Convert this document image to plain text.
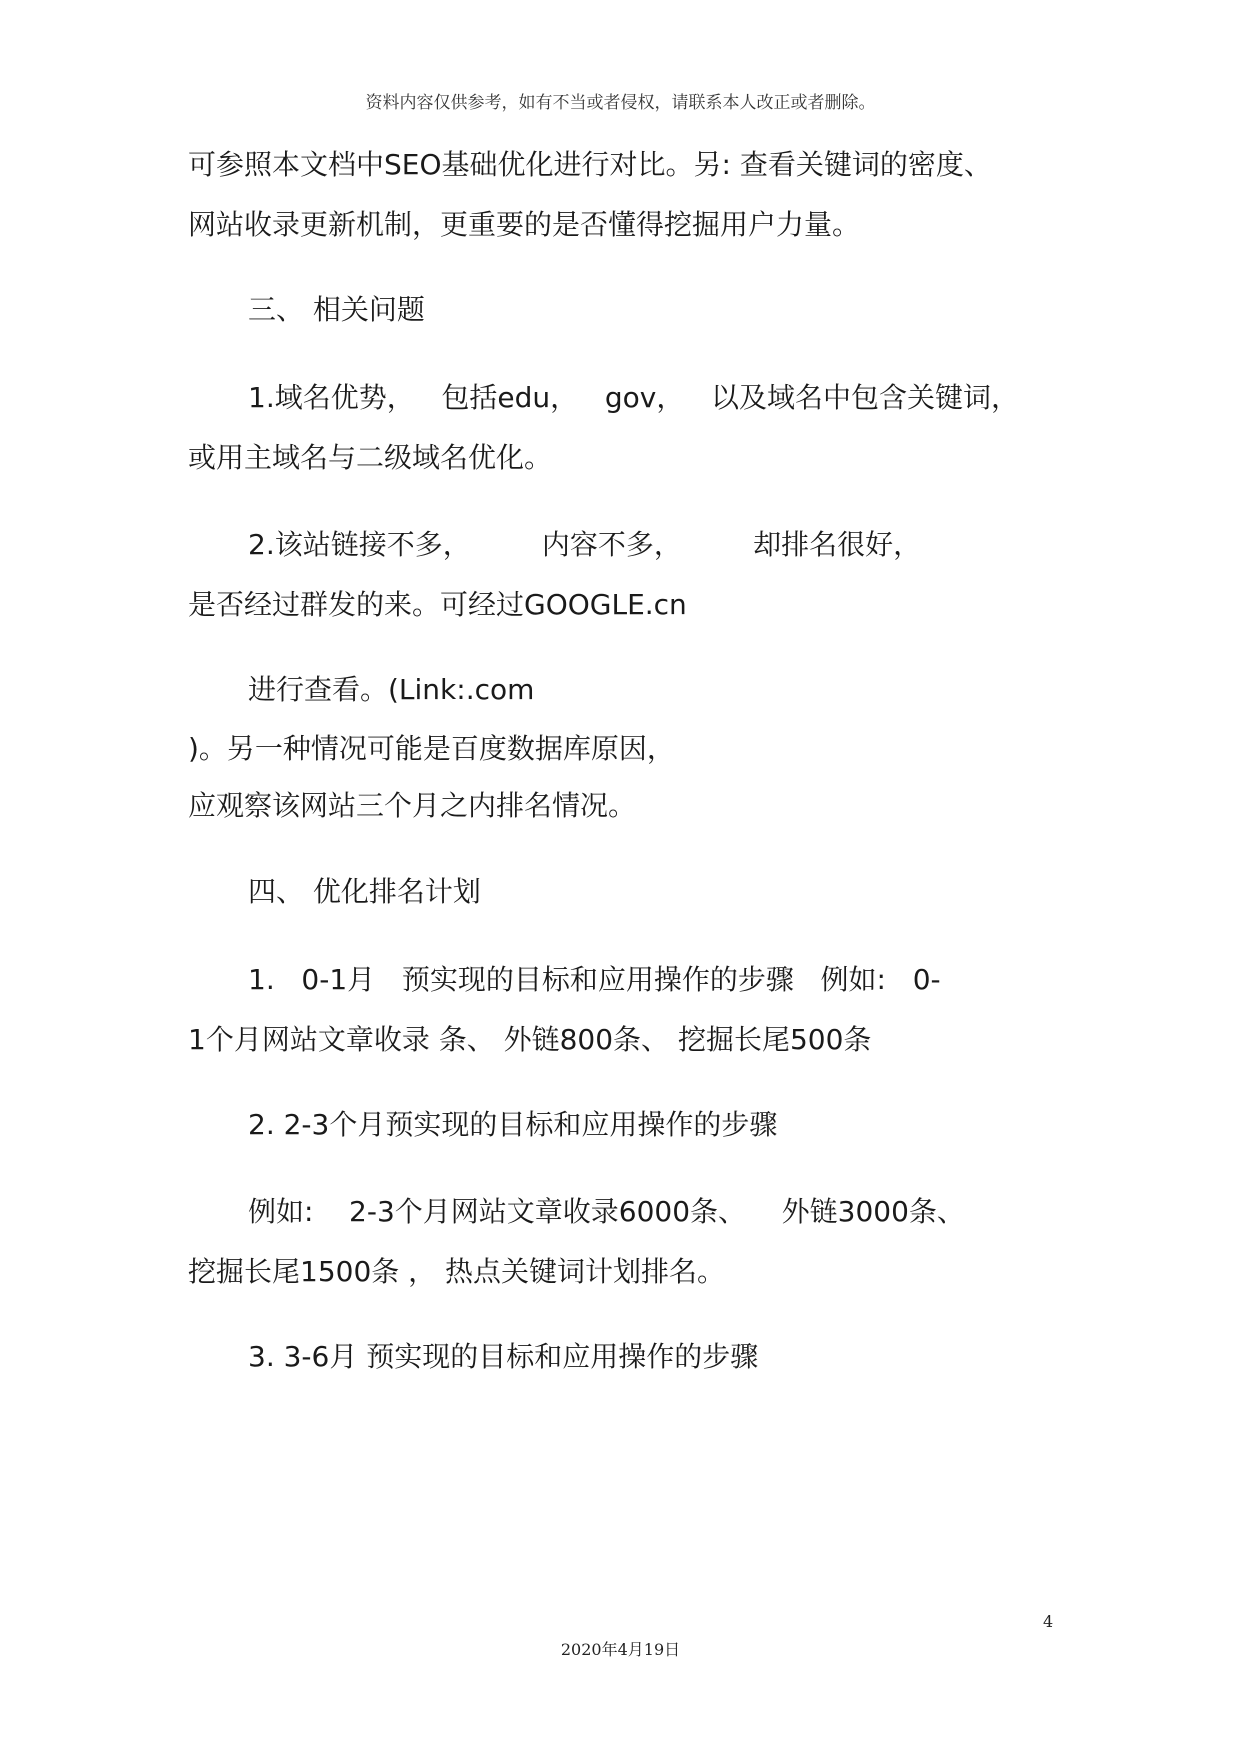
资料内容仅供参考，如有不当或者侵权，请联系本人改正或者删除。
可参照本文档中SEO基础优化进行对比。另: 查看关键词的密度、
网站收录更新机制，更重要的是否懂得挖掘用户力量。
三、 相关问题
1.域名优势，   包括edu，   gov，   以及域名中包含关键词，
或用主域名与二级域名优化。
2.该站链接不多，        内容不多，        却排名很好，
是否经过群发的来。可经过GOOGLE.cn
进行查看。(Link:.com
)。另一种情况可能是百度数据库原因，
应观察该网站三个月之内排名情况。
四、 优化排名计划
1.   0-1月   预实现的目标和应用操作的步骤   例如:   0-
1个月网站文章收录 条、 外链800条、 挖掘长尾500条
2. 2-3个月预实现的目标和应用操作的步骤
例如:    2-3个月网站文章收录6000条、    外链3000条、
挖掘长尾1500条 ， 热点关键词计划排名。
3. 3-6月 预实现的目标和应用操作的步骤
4
2020年4月19日
